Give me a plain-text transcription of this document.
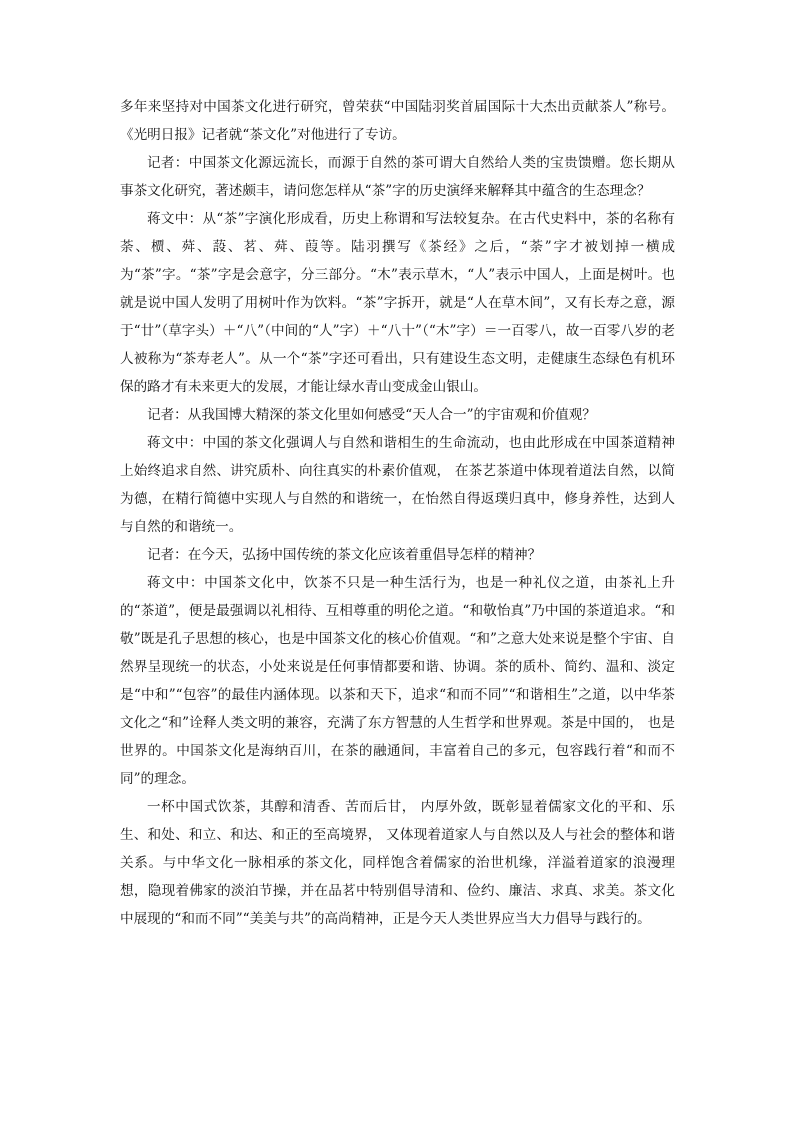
多年来坚持对中国茶文化进行研究，曾荣获“中国陆羽奖首届国际十大杰出贡献茶人”称号。《光明日报》记者就“茶文化”对他进行了专访。

记者：中国茶文化源远流长，而源于自然的茶可谓大自然给人类的宝贵馈赠。您长期从事茶文化研究，著述颇丰，请问您怎样从“茶”字的历史演绎来解释其中蕴含的生态理念？

蒋文中：从“茶”字演化形成看，历史上称谓和写法较复杂。在古代史料中，茶的名称有荼、槚、荈、蔎、茗、荈、葭等。陆羽撰写《茶经》之后，“荼”字才被划掉一横成为“茶”字。“茶”字是会意字，分三部分。“木”表示草木，“人”表示中国人，上面是树叶。也就是说中国人发明了用树叶作为饮料。“茶”字拆开，就是“人在草木间”，又有长寿之意，源于“廿”（草字头）＋“八”（中间的“人”字）＋“八十”（“木”字）＝一百零八，故一百零八岁的老人被称为“茶寿老人”。从一个“茶”字还可看出，只有建设生态文明，走健康生态绿色有机环保的路才有未来更大的发展，才能让绿水青山变成金山银山。

记者：从我国博大精深的茶文化里如何感受“天人合一”的宇宙观和价值观？

蒋文中：中国的茶文化强调人与自然和谐相生的生命流动，也由此形成在中国茶道精神上始终追求自然、讲究质朴、向往真实的朴素价值观， 在茶艺茶道中体现着道法自然，以简为德，在精行简德中实现人与自然的和谐统一，在怡然自得返璞归真中，修身养性，达到人与自然的和谐统一。

记者：在今天，弘扬中国传统的茶文化应该着重倡导怎样的精神？

蒋文中：中国茶文化中，饮茶不只是一种生活行为，也是一种礼仪之道，由茶礼上升的“茶道”，便是最强调以礼相待、互相尊重的明伦之道。“和敬怡真”乃中国的茶道追求。“和敬”既是孔子思想的核心，也是中国茶文化的核心价值观。“和”之意大处来说是整个宇宙、自然界呈现统一的状态，小处来说是任何事情都要和谐、协调。茶的质朴、简约、温和、淡定是“中和”“包容”的最佳内涵体现。以茶和天下，追求“和而不同”“和谐相生”之道，以中华茶文化之“和”诠释人类文明的兼容，充满了东方智慧的人生哲学和世界观。茶是中国的， 也是世界的。中国茶文化是海纳百川，在茶的融通间，丰富着自己的多元，包容践行着“和而不同”的理念。

一杯中国式饮茶，其醇和清香、苦而后甘， 内厚外敛，既彰显着儒家文化的平和、乐生、和处、和立、和达、和正的至高境界， 又体现着道家人与自然以及人与社会的整体和谐关系。与中华文化一脉相承的茶文化，同样饱含着儒家的治世机缘，洋溢着道家的浪漫理想，隐现着佛家的淡泊节操，并在品茗中特别倡导清和、俭约、廉洁、求真、求美。茶文化中展现的“和而不同”“美美与共”的高尚精神，正是今天人类世界应当大力倡导与践行的。
